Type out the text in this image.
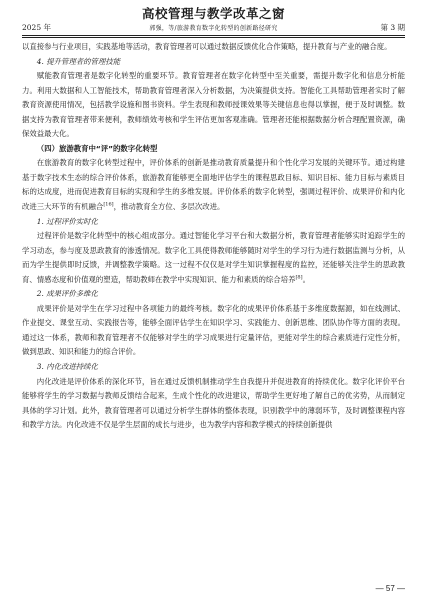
高校管理与教学改革之窗
2025 年	郭强，等/旅游教育数字化转型的创新路径研究	第 3 期

以直接参与行业项目，实践基地等活动，教育管理者可以通过数据反馈优化合作策略，提升教育与产业的融合度。

4. 提升管理者的管理技能

赋能教育管理者是数字化转型的重要环节。教育管理者在数字化转型中至关重要，需提升数字化和信息分析能力。利用大数据和人工智能技术，帮助教育管理者深入分析数据，为决策提供支持。智能化工具帮助管理者实时了解教育资源使用情况，包括教学设施和图书资料。学生表现和教师授课效果等关键信息也得以掌握，便于及时调整。数据支持为教育管理者带来便利，教师绩效考核和学生评估更加客观准确。管理者还能根据数据分析合理配置资源，确保效益最大化。

（四）旅游教育中“评”的数字化转型

在旅游教育的数字化转型过程中，评价体系的创新是推动教育质量提升和个性化学习发展的关键环节。通过构建基于数字技术生态的综合评价体系，旅游教育能够更全面地评估学生的课程思政目标、知识目标、能力目标与素质目标的达成度，进而促进教育目标的实现和学生的多维发展。评价体系的数字化转型，强调过程评价、成果评价和内化改进三大环节的有机融合[16]，推动教育全方位、多层次改进。

1. 过程评价实时化

过程评价是数字化转型中的核心组成部分。通过智能化学习平台和大数据分析，教育管理者能够实时追踪学生的学习动态，参与度及思政教育的渗透情况。数字化工具使得教师能够随时对学生的学习行为进行数据监测与分析，从而为学生提供即时反馈，并调整教学策略。这一过程不仅仅是对学生知识掌握程度的监控，还能够关注学生的思政教育、情感态度和价值观的塑造，帮助教师在教学中实现知识、能力和素质的综合培养[8]。

2. 成果评价多维化

成果评价是对学生在学习过程中各项能力的最终考核。数字化的成果评价体系基于多维度数据源，如在线测试、作业提交、课堂互动、实践报告等，能够全面评估学生在知识学习、实践能力、创新思维、团队协作等方面的表现。通过这一体系，教师和教育管理者不仅能够对学生的学习成果进行定量评估，更能对学生的综合素质进行定性分析，做到思政、知识和能力的综合评价。

3. 内化改进持续化

内化改进是评价体系的深化环节，旨在通过反馈机制推动学生自我提升并促进教育的持续优化。数字化评价平台能够将学生的学习数据与教师反馈结合起来，生成个性化的改进建议，帮助学生更好地了解自己的优劣势，从而制定具体的学习计划。此外，教育管理者可以通过分析学生群体的整体表现，识别教学中的薄弱环节，及时调整课程内容和教学方法。内化改进不仅是学生层面的成长与进步，也为教学内容和教学模式的持续创新提供

— 57 —
